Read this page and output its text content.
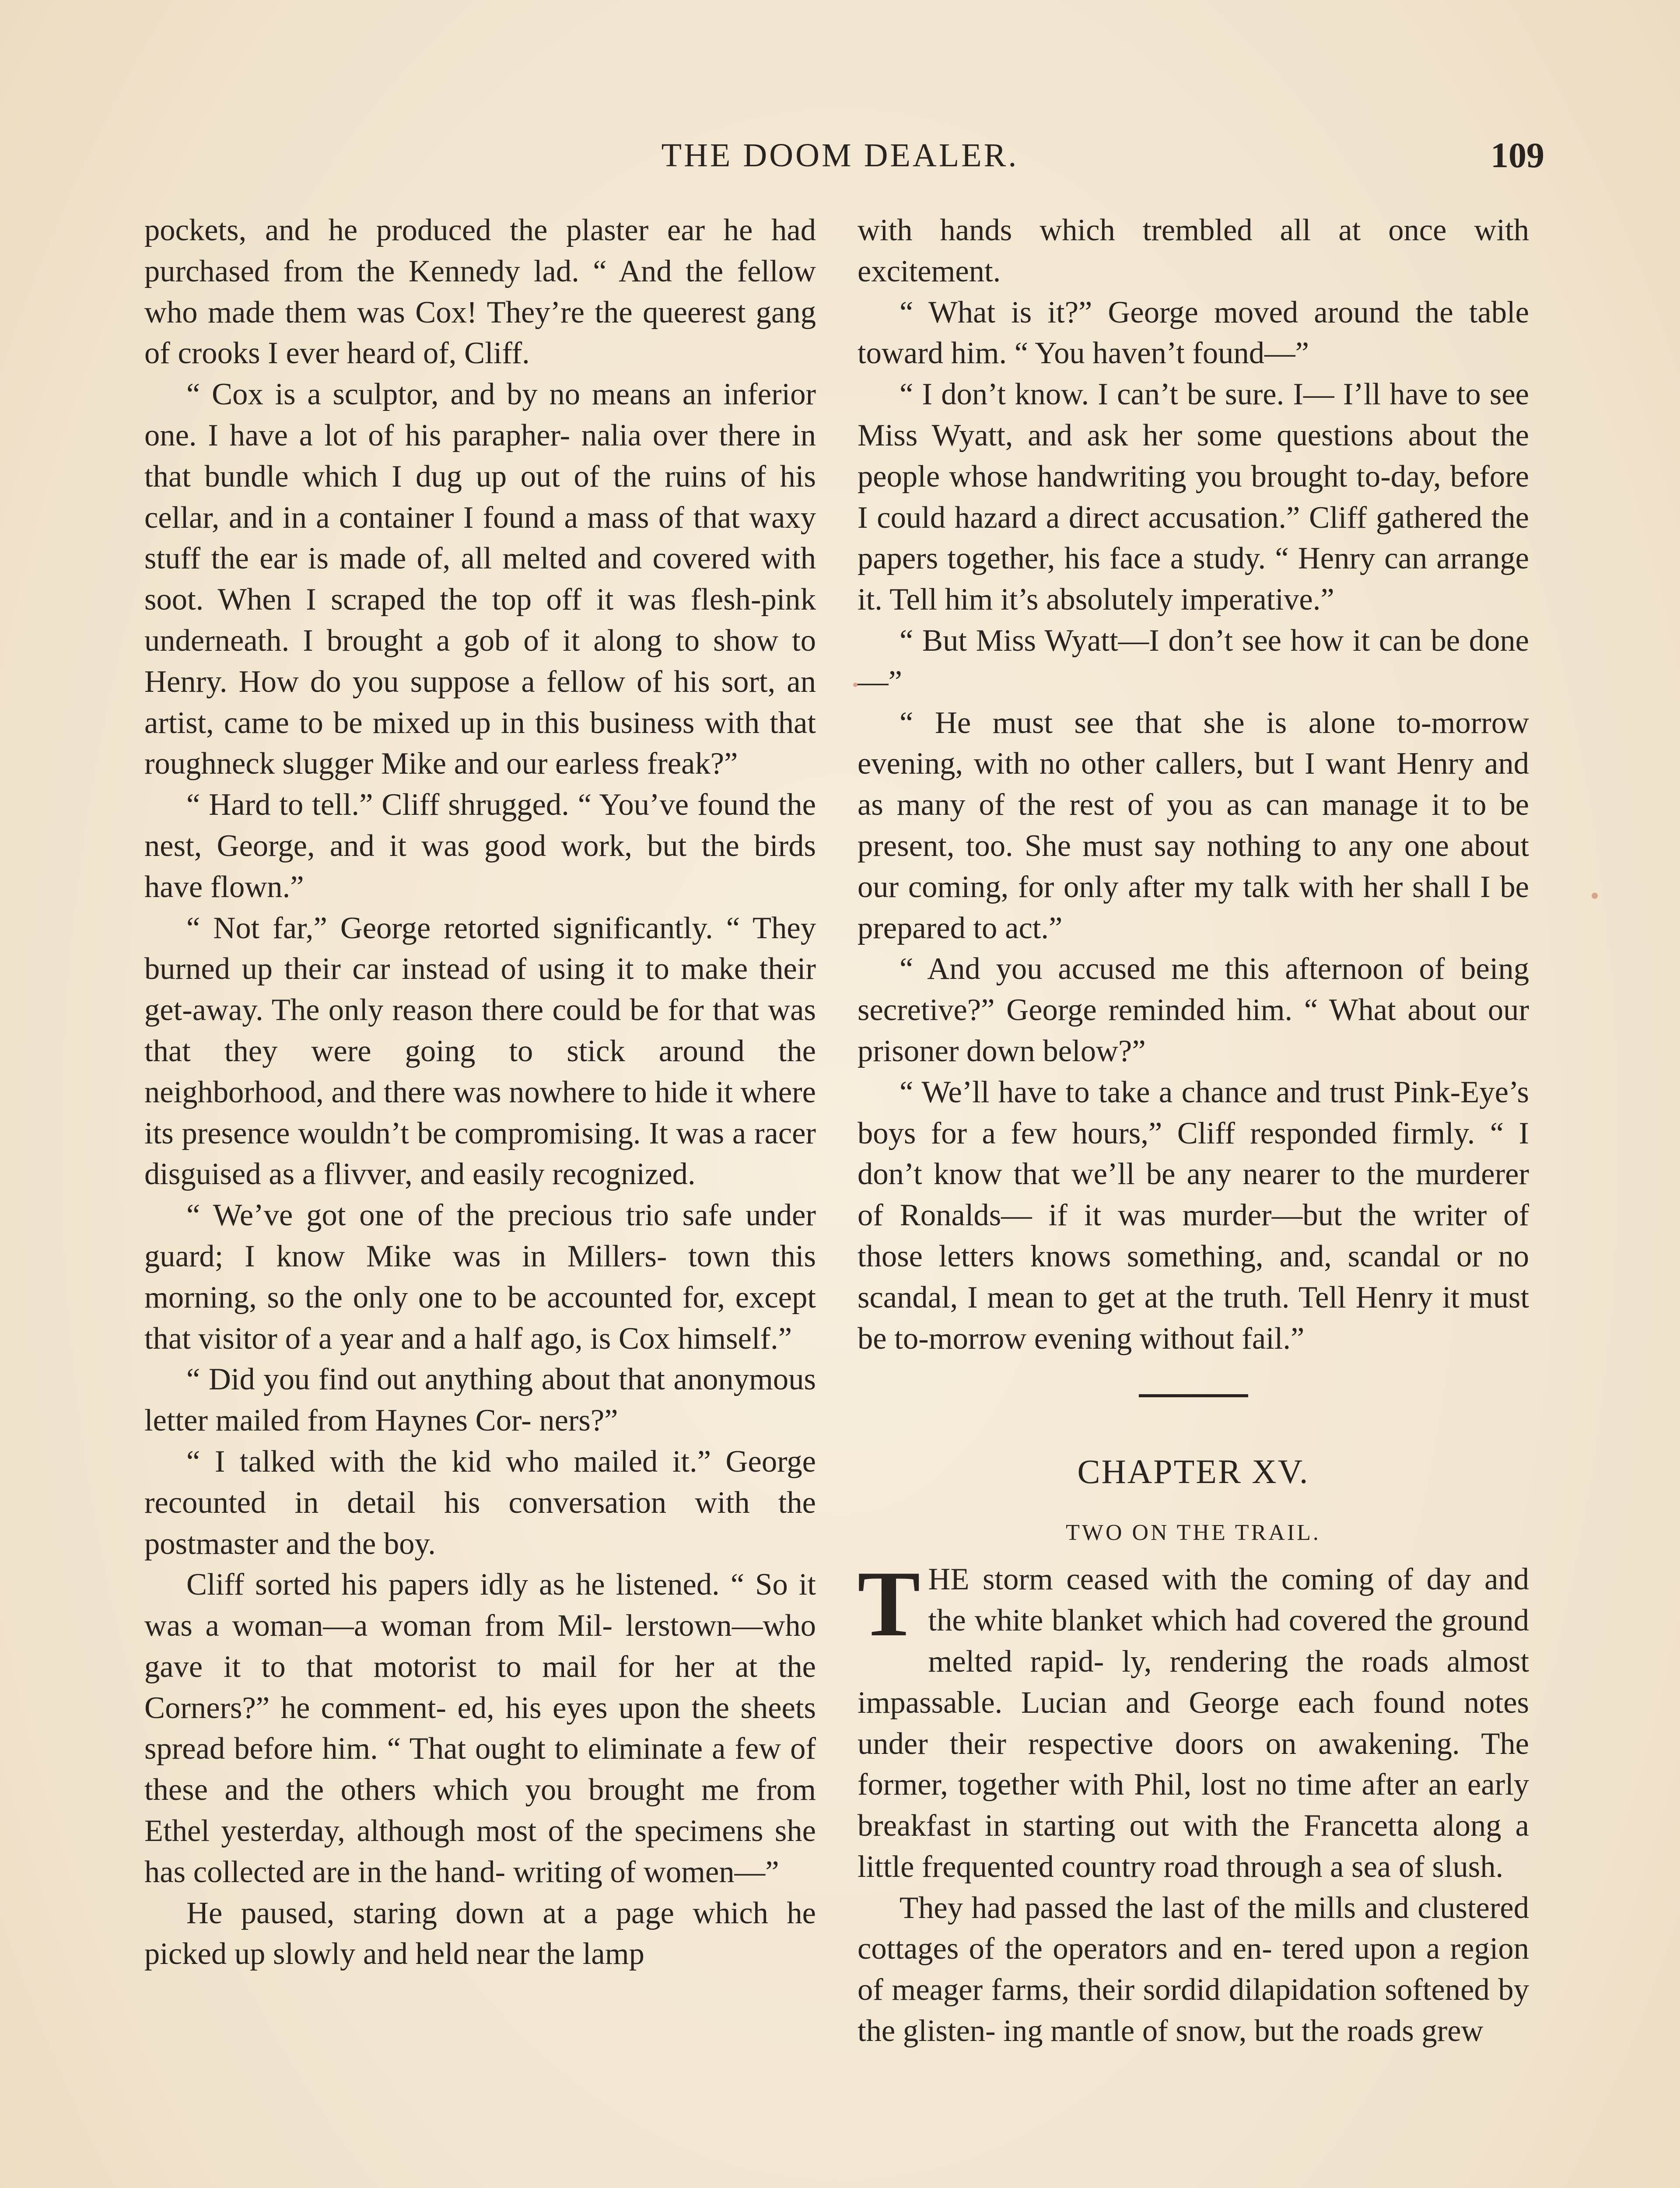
THE DOOM DEALER.	109

pockets, and he produced the plaster ear he had purchased from the Kennedy lad. “ And the fellow who made them was Cox! They’re the queerest gang of crooks I ever heard of, Cliff.

“ Cox is a sculptor, and by no means an inferior one. I have a lot of his parapher- nalia over there in that bundle which I dug up out of the ruins of his cellar, and in a container I found a mass of that waxy stuff the ear is made of, all melted and covered with soot. When I scraped the top off it was flesh-pink underneath. I brought a gob of it along to show to Henry. How do you suppose a fellow of his sort, an artist, came to be mixed up in this business with that roughneck slugger Mike and our earless freak?”

“ Hard to tell.” Cliff shrugged. “ You’ve found the nest, George, and it was good work, but the birds have flown.”

“ Not far,” George retorted significantly. “ They burned up their car instead of using it to make their get-away. The only reason there could be for that was that they were going to stick around the neighborhood, and there was nowhere to hide it where its presence wouldn’t be compromising. It was a racer disguised as a flivver, and easily recognized.

“ We’ve got one of the precious trio safe under guard; I know Mike was in Millers- town this morning, so the only one to be accounted for, except that visitor of a year and a half ago, is Cox himself.”

“ Did you find out anything about that anonymous letter mailed from Haynes Cor- ners?”

“ I talked with the kid who mailed it.” George recounted in detail his conversation with the postmaster and the boy.

Cliff sorted his papers idly as he listened. “ So it was a woman—a woman from Mil- lerstown—who gave it to that motorist to mail for her at the Corners?” he comment- ed, his eyes upon the sheets spread before him. “ That ought to eliminate a few of these and the others which you brought me from Ethel yesterday, although most of the specimens she has collected are in the hand- writing of women—”

He paused, staring down at a page which he picked up slowly and held near the lamp

with hands which trembled all at once with excitement.

“ What is it?” George moved around the table toward him. “ You haven’t found—”

“ I don’t know. I can’t be sure. I— I’ll have to see Miss Wyatt, and ask her some questions about the people whose handwriting you brought to-day, before I could hazard a direct accusation.” Cliff gathered the papers together, his face a study. “ Henry can arrange it. Tell him it’s absolutely imperative.”

“ But Miss Wyatt—I don’t see how it can be done—”

“ He must see that she is alone to-morrow evening, with no other callers, but I want Henry and as many of the rest of you as can manage it to be present, too. She must say nothing to any one about our coming, for only after my talk with her shall I be prepared to act.”

“ And you accused me this afternoon of being secretive?” George reminded him. “ What about our prisoner down below?”

“ We’ll have to take a chance and trust Pink-Eye’s boys for a few hours,” Cliff responded firmly. “ I don’t know that we’ll be any nearer to the murderer of Ronalds— if it was murder—but the writer of those letters knows something, and, scandal or no scandal, I mean to get at the truth. Tell Henry it must be to-morrow evening without fail.”

CHAPTER XV.
TWO ON THE TRAIL.

THE storm ceased with the coming of day and the white blanket which had covered the ground melted rapid- ly, rendering the roads almost impassable. Lucian and George each found notes under their respective doors on awakening. The former, together with Phil, lost no time after an early breakfast in starting out with the Francetta along a little frequented country road through a sea of slush.

They had passed the last of the mills and clustered cottages of the operators and en- tered upon a region of meager farms, their sordid dilapidation softened by the glisten- ing mantle of snow, but the roads grew
